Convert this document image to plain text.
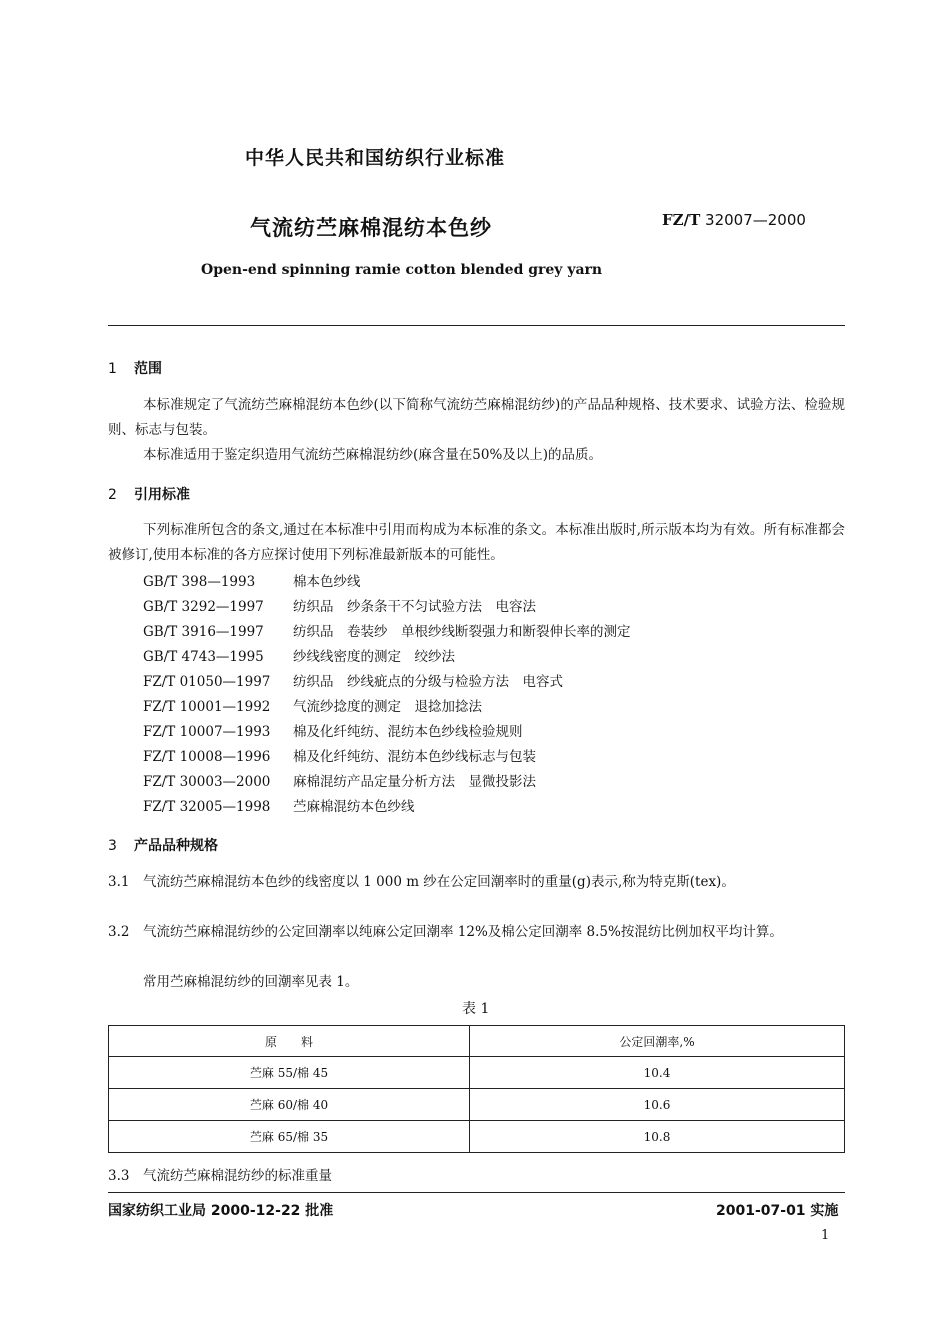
中华人民共和国纺织行业标准
气流纺苎麻棉混纺本色纱	FZ/T 32007—2000
Open-end spinning ramie cotton blended grey yarn
1 范围
本标准规定了气流纺苎麻棉混纺本色纱(以下简称气流纺苎麻棉混纺纱)的产品品种规格、技术要求、试验方法、检验规则、标志与包装。
本标准适用于鉴定织造用气流纺苎麻棉混纺纱(麻含量在50%及以上)的品质。
2 引用标准
下列标准所包含的条文,通过在本标准中引用而构成为本标准的条文。本标准出版时,所示版本均为有效。所有标准都会被修订,使用本标准的各方应探讨使用下列标准最新版本的可能性。
GB/T 398—1993	棉本色纱线
GB/T 3292—1997 纺织品　纱条条干不匀试验方法　电容法
GB/T 3916—1997 纺织品　卷装纱　单根纱线断裂强力和断裂伸长率的测定
GB/T 4743—1995 纱线线密度的测定　绞纱法
FZ/T 01050—1997 纺织品　纱线疵点的分级与检验方法　电容式
FZ/T 10001—1992 气流纱捻度的测定　退捻加捻法
FZ/T 10007—1993 棉及化纤纯纺、混纺本色纱线检验规则
FZ/T 10008—1996 棉及化纤纯纺、混纺本色纱线标志与包装
FZ/T 30003—2000 麻棉混纺产品定量分析方法　显微投影法
FZ/T 32005—1998 苎麻棉混纺本色纱线
3 产品品种规格
3.1　气流纺苎麻棉混纺本色纱的线密度以 1 000 m 纱在公定回潮率时的重量(g)表示,称为特克斯(tex)。
3.2　气流纺苎麻棉混纺纱的公定回潮率以纯麻公定回潮率 12%及棉公定回潮率 8.5%按混纺比例加权平均计算。
常用苎麻棉混纺纱的回潮率见表 1。
表 1
原　　料	公定回潮率,%
苎麻 55/棉 45	10.4
苎麻 60/棉 40	10.6
苎麻 65/棉 35	10.8
3.3　气流纺苎麻棉混纺纱的标准重量
国家纺织工业局 2000-12-22 批准	2001-07-01 实施
1
